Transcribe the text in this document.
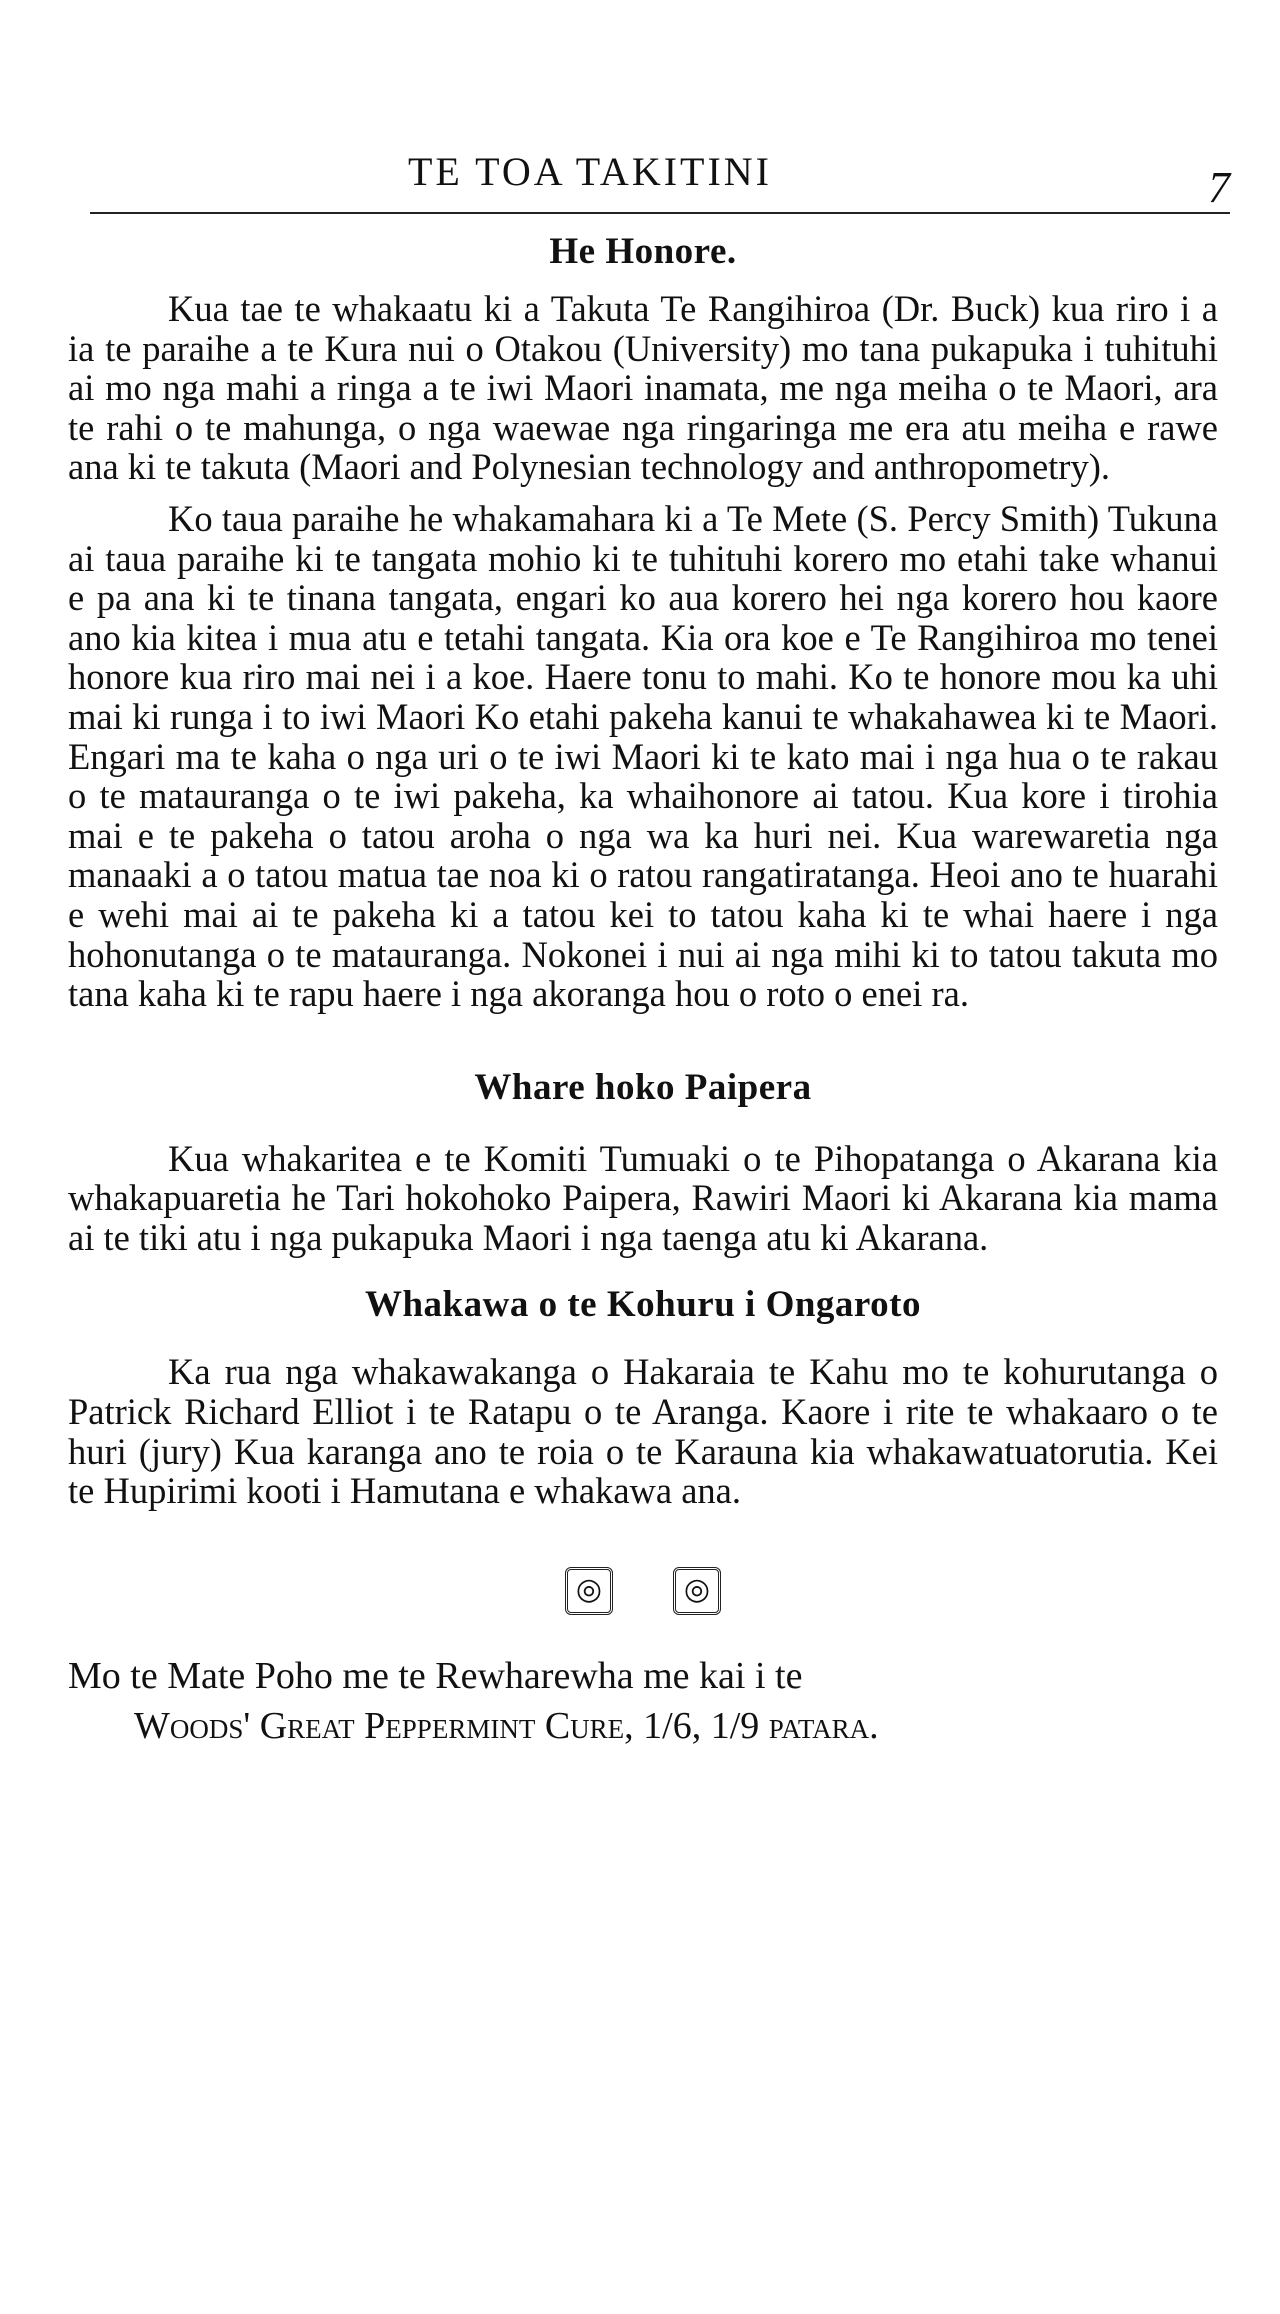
TE TOA TAKITINI	7
He Honore.

Kua tae te whakaatu ki a Takuta Te Rangihiroa (Dr. Buck) kua riro i a ia te paraihe a te Kura nui o Otakou (University) mo tana pukapuka i tuhituhi ai mo nga mahi a ringa a te iwi Maori inamata, me nga meiha o te Maori, ara te rahi o te mahunga, o nga waewae nga ringaringa me era atu meiha e rawe ana ki te takuta (Maori and Polynesian technology and anthropometry).

Ko taua paraihe he whakamahara ki a Te Mete (S. Percy Smith) Tukuna ai taua paraihe ki te tangata mohio ki te tuhituhi korero mo etahi take whanui e pa ana ki te tinana tangata, engari ko aua korero hei nga korero hou kaore ano kia kitea i mua atu e tetahi tangata. Kia ora koe e Te Rangihiroa mo tenei honore kua riro mai nei i a koe. Haere tonu to mahi. Ko te honore mou ka uhi mai ki runga i to iwi Maori Ko etahi pakeha kanui te whakahawea ki te Maori. Engari ma te kaha o nga uri o te iwi Maori ki te kato mai i nga hua o te rakau o te matauranga o te iwi pakeha, ka whaihonore ai tatou. Kua kore i tirohia mai e te pakeha o tatou aroha o nga wa ka huri nei. Kua warewaretia nga manaaki a o tatou matua tae noa ki o ratou rangatiratanga. Heoi ano te huarahi e wehi mai ai te pakeha ki a tatou kei to tatou kaha ki te whai haere i nga hohonutanga o te matauranga. Nokonei i nui ai nga mihi ki to tatou takuta mo tana kaha ki te rapu haere i nga akoranga hou o roto o enei ra.

Whare hoko Paipera

Kua whakaritea e te Komiti Tumuaki o te Pihopatanga o Akarana kia whakapuaretia he Tari hokohoko Paipera, Rawiri Maori ki Akarana kia mama ai te tiki atu i nga pukapuka Maori i nga taenga atu ki Akarana.

Whakawa o te Kohuru i Ongaroto

Ka rua nga whakawakanga o Hakaraia te Kahu mo te kohurutanga o Patrick Richard Elliot i te Ratapu o te Aranga. Kaore i rite te whakaaro o te huri (jury) Kua karanga ano te roia o te Karauna kia whakawatuatorutia. Kei te Hupirimi kooti i Hamutana e whakawa ana.

◎	◎

Mo te Mate Poho me te Rewharewha me kai i te

Woods' Great Peppermint Cure, 1/6, 1/9 patara.
